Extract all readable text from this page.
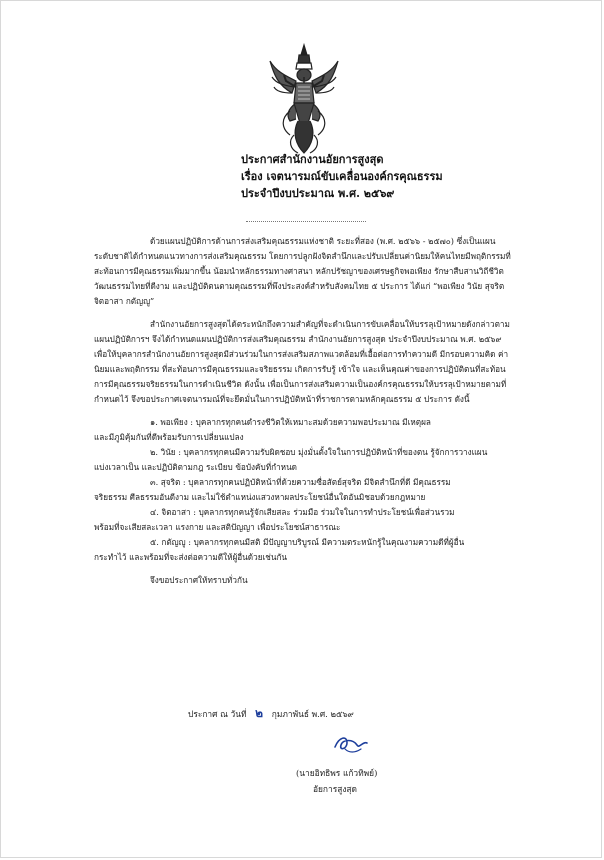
ประกาศสำนักงานอัยการสูงสุด
เรื่อง เจตนารมณ์ขับเคลื่อนองค์กรคุณธรรม
ประจำปีงบประมาณ พ.ศ. ๒๕๖๙

ด้วยแผนปฏิบัติการด้านการส่งเสริมคุณธรรมแห่งชาติ ระยะที่สอง (พ.ศ. ๒๕๖๖ - ๒๕๗๐) ซึ่งเป็นแผนระดับชาติได้กำหนดแนวทางการส่งเสริมคุณธรรม โดยการปลูกฝังจิตสำนึกและปรับเปลี่ยนค่านิยมให้คนไทยมีพฤติกรรมที่สะท้อนการมีคุณธรรมเพิ่มมากขึ้น น้อมนำหลักธรรมทางศาสนา หลักปรัชญาของเศรษฐกิจพอเพียง รักษาสืบสานวิถีชีวิตวัฒนธรรมไทยที่ดีงาม และปฏิบัติตนตามคุณธรรมที่พึงประสงค์สำหรับสังคมไทย ๕ ประการ ได้แก่ “พอเพียง วินัย สุจริต จิตอาสา กตัญญู”

สำนักงานอัยการสูงสุดได้ตระหนักถึงความสำคัญที่จะดำเนินการขับเคลื่อนให้บรรลุเป้าหมายดังกล่าวตามแผนปฏิบัติการฯ จึงได้กำหนดแผนปฏิบัติการส่งเสริมคุณธรรม สำนักงานอัยการสูงสุด ประจำปีงบประมาณ พ.ศ. ๒๕๖๙ เพื่อให้บุคลากรสำนักงานอัยการสูงสุดมีส่วนร่วมในการส่งเสริมสภาพแวดล้อมที่เอื้อต่อการทำความดี มีกรอบความคิด ค่านิยมและพฤติกรรม ที่สะท้อนการมีคุณธรรมและจริยธรรม เกิดการรับรู้ เข้าใจ และเห็นคุณค่าของการปฏิบัติตนที่สะท้อนการมีคุณธรรมจริยธรรมในการดำเนินชีวิต ดังนั้น เพื่อเป็นการส่งเสริมความเป็นองค์กรคุณธรรมให้บรรลุเป้าหมายตามที่กำหนดไว้ จึงขอประกาศเจตนารมณ์ที่จะยึดมั่นในการปฏิบัติหน้าที่ราชการตามหลักคุณธรรม ๕ ประการ ดังนี้

๑. พอเพียง : บุคลากรทุกคนดำรงชีวิตให้เหมาะสมด้วยความพอประมาณ มีเหตุผล
และมีภูมิคุ้มกันที่ดีพร้อมรับการเปลี่ยนแปลง
๒. วินัย : บุคลากรทุกคนมีความรับผิดชอบ มุ่งมั่นตั้งใจในการปฏิบัติหน้าที่ของตน รู้จักการวางแผน
แบ่งเวลาเป็น และปฏิบัติตามกฎ ระเบียบ ข้อบังคับที่กำหนด
๓. สุจริต : บุคลากรทุกคนปฏิบัติหน้าที่ด้วยความซื่อสัตย์สุจริต มีจิตสำนึกที่ดี มีคุณธรรม
จริยธรรม ศีลธรรมอันดีงาม และไม่ใช้ตำแหน่งแสวงหาผลประโยชน์อื่นใดอันมิชอบด้วยกฎหมาย
๔. จิตอาสา : บุคลากรทุกคนรู้จักเสียสละ ร่วมมือ ร่วมใจในการทำประโยชน์เพื่อส่วนรวม
พร้อมที่จะเสียสละเวลา แรงกาย และสติปัญญา เพื่อประโยชน์สาธารณะ
๕. กตัญญู : บุคลากรทุกคนมีสติ มีปัญญาบริบูรณ์ มีความตระหนักรู้ในคุณงามความดีที่ผู้อื่น
กระทำไว้ และพร้อมที่จะส่งต่อความดีให้ผู้อื่นด้วยเช่นกัน

จึงขอประกาศให้ทราบทั่วกัน

ประกาศ ณ วันที่ ๒ กุมภาพันธ์ พ.ศ. ๒๕๖๙
(นายอิทธิพร แก้วทิพย์)
อัยการสูงสุด
